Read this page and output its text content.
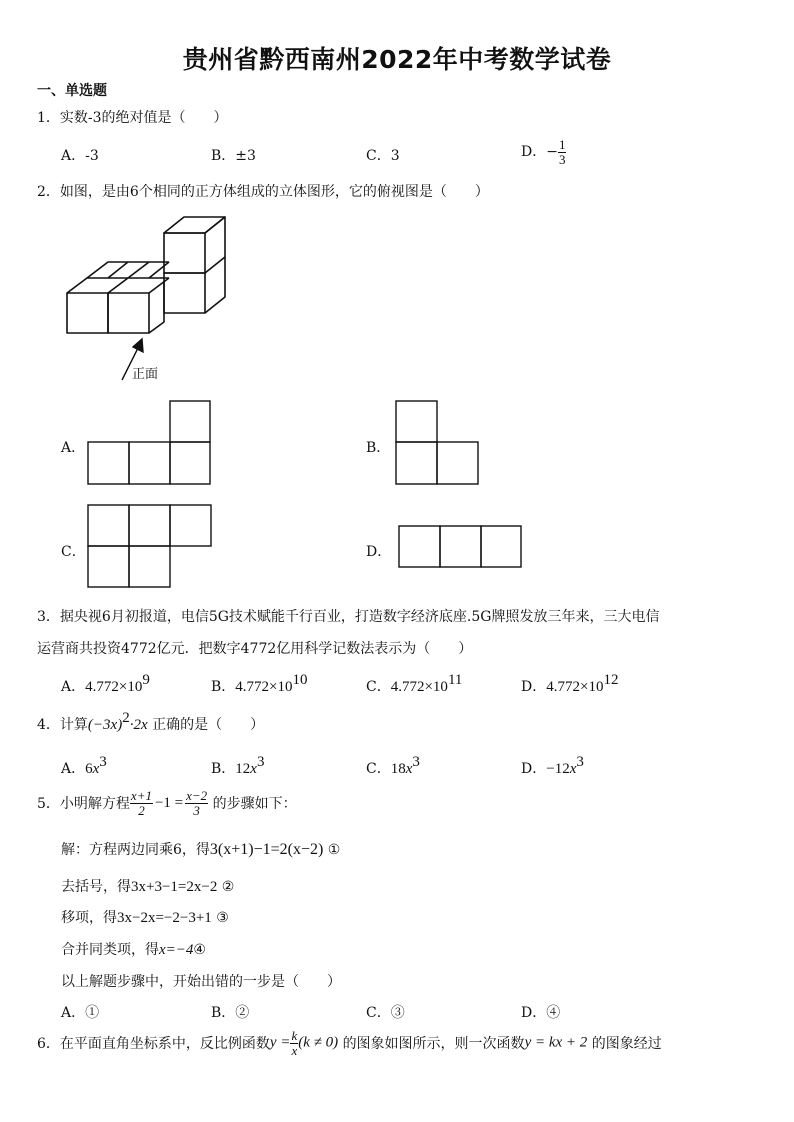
贵州省黔西南州2022年中考数学试卷
一、单选题
1．实数-3的绝对值是（　　）
A．-3	B．±3	C．3	D．− $\frac{1}{3}$
2．如图，是由6个相同的正方体组成的立体图形，它的俯视图是（　　）
正面
A．	B．
C．	D．
3．据央视6月初报道，电信5G技术赋能千行百业，打造数字经济底座.5G牌照发放三年来，三大电信
运营商共投资4772亿元．把数字4772亿用科学记数法表示为（　　）
A．$4.772\times 10^9$	B．$4.772\times 10^{10}$	C．$4.772\times 10^{11}$	D．$4.772\times 10^{12}$
4．计算$(-3x)^2\cdot 2x$ 正确的是（　　）
A．$6x^3$	B．$12x^3$	C．$18x^3$	D．$-12x^3$
5．小明解方程 $\frac{x+1}{2} -1 = \frac{x-2}{3}$ 的步骤如下：
解：方程两边同乘6，得3(x+1)−1=2(x−2) ①
去括号，得3x+3−1=2x−2 ②
移项，得3x−2x=−2−3+1 ③
合并同类项，得x=−4④
以上解题步骤中，开始出错的一步是（　　）
A．①	B．②	C．③	D．④
6．在平面直角坐标系中，反比例函数$y = \frac{k}{x} (k \ne 0)$ 的图象如图所示，则一次函数y = kx + 2 的图象经过
